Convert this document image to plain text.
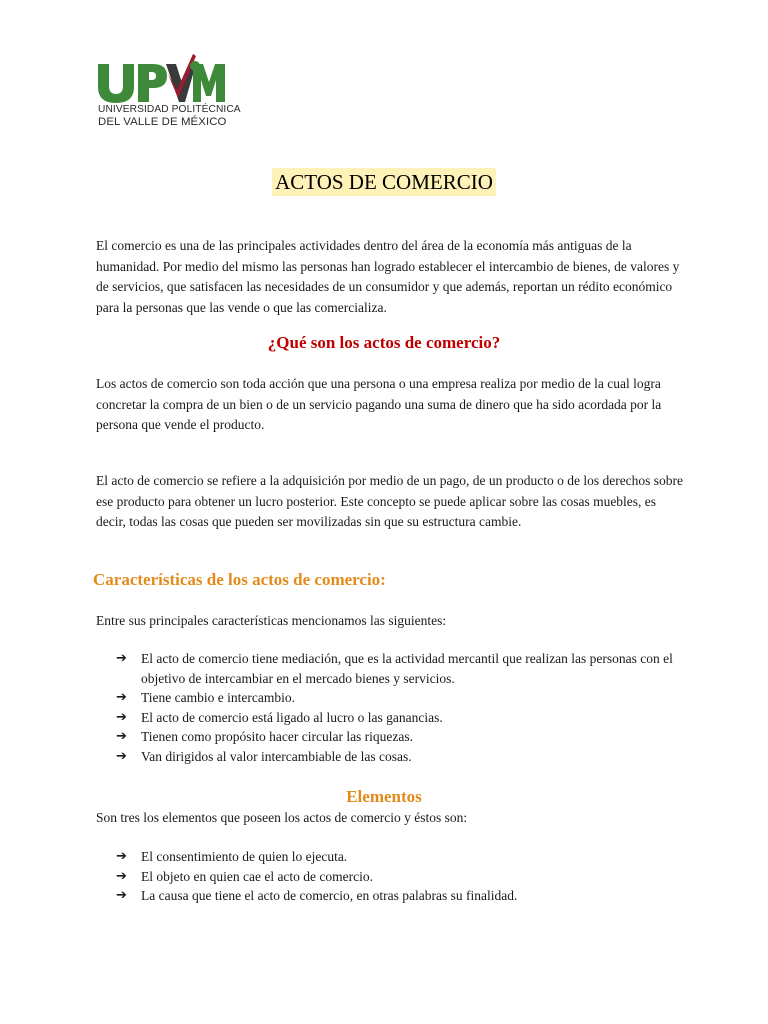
UNIVERSIDAD POLITÉCNICA
DEL VALLE DE MÉXICO
ACTOS DE COMERCIO

El comercio es una de las principales actividades dentro del área de la economía más antiguas de la humanidad. Por medio del mismo las personas han logrado establecer el intercambio de bienes, de valores y de servicios, que satisfacen las necesidades de un consumidor y que además, reportan un rédito económico para la personas que las vende o que las comercializa.

¿Qué son los actos de comercio?

Los actos de comercio son toda acción que una persona o una empresa realiza por medio de la cual logra concretar la compra de un bien o de un servicio pagando una suma de dinero que ha sido acordada por la persona que vende el producto.

El acto de comercio se refiere a la adquisición por medio de un pago, de un producto o de los derechos sobre ese producto para obtener un lucro posterior. Este concepto se puede aplicar sobre las cosas muebles, es decir, todas las cosas que pueden ser movilizadas sin que su estructura cambie.

Características de los actos de comercio:

Entre sus principales características mencionamos las siguientes:

➔ El acto de comercio tiene mediación, que es la actividad mercantil que realizan las personas con el objetivo de intercambiar en el mercado bienes y servicios.
➔ Tiene cambio e intercambio.
➔ El acto de comercio está ligado al lucro o las ganancias.
➔ Tienen como propósito hacer circular las riquezas.
➔ Van dirigidos al valor intercambiable de las cosas.
Elementos

Son tres los elementos que poseen los actos de comercio y éstos son:

➔ El consentimiento de quien lo ejecuta.
➔ El objeto en quien cae el acto de comercio.
➔ La causa que tiene el acto de comercio, en otras palabras su finalidad.
